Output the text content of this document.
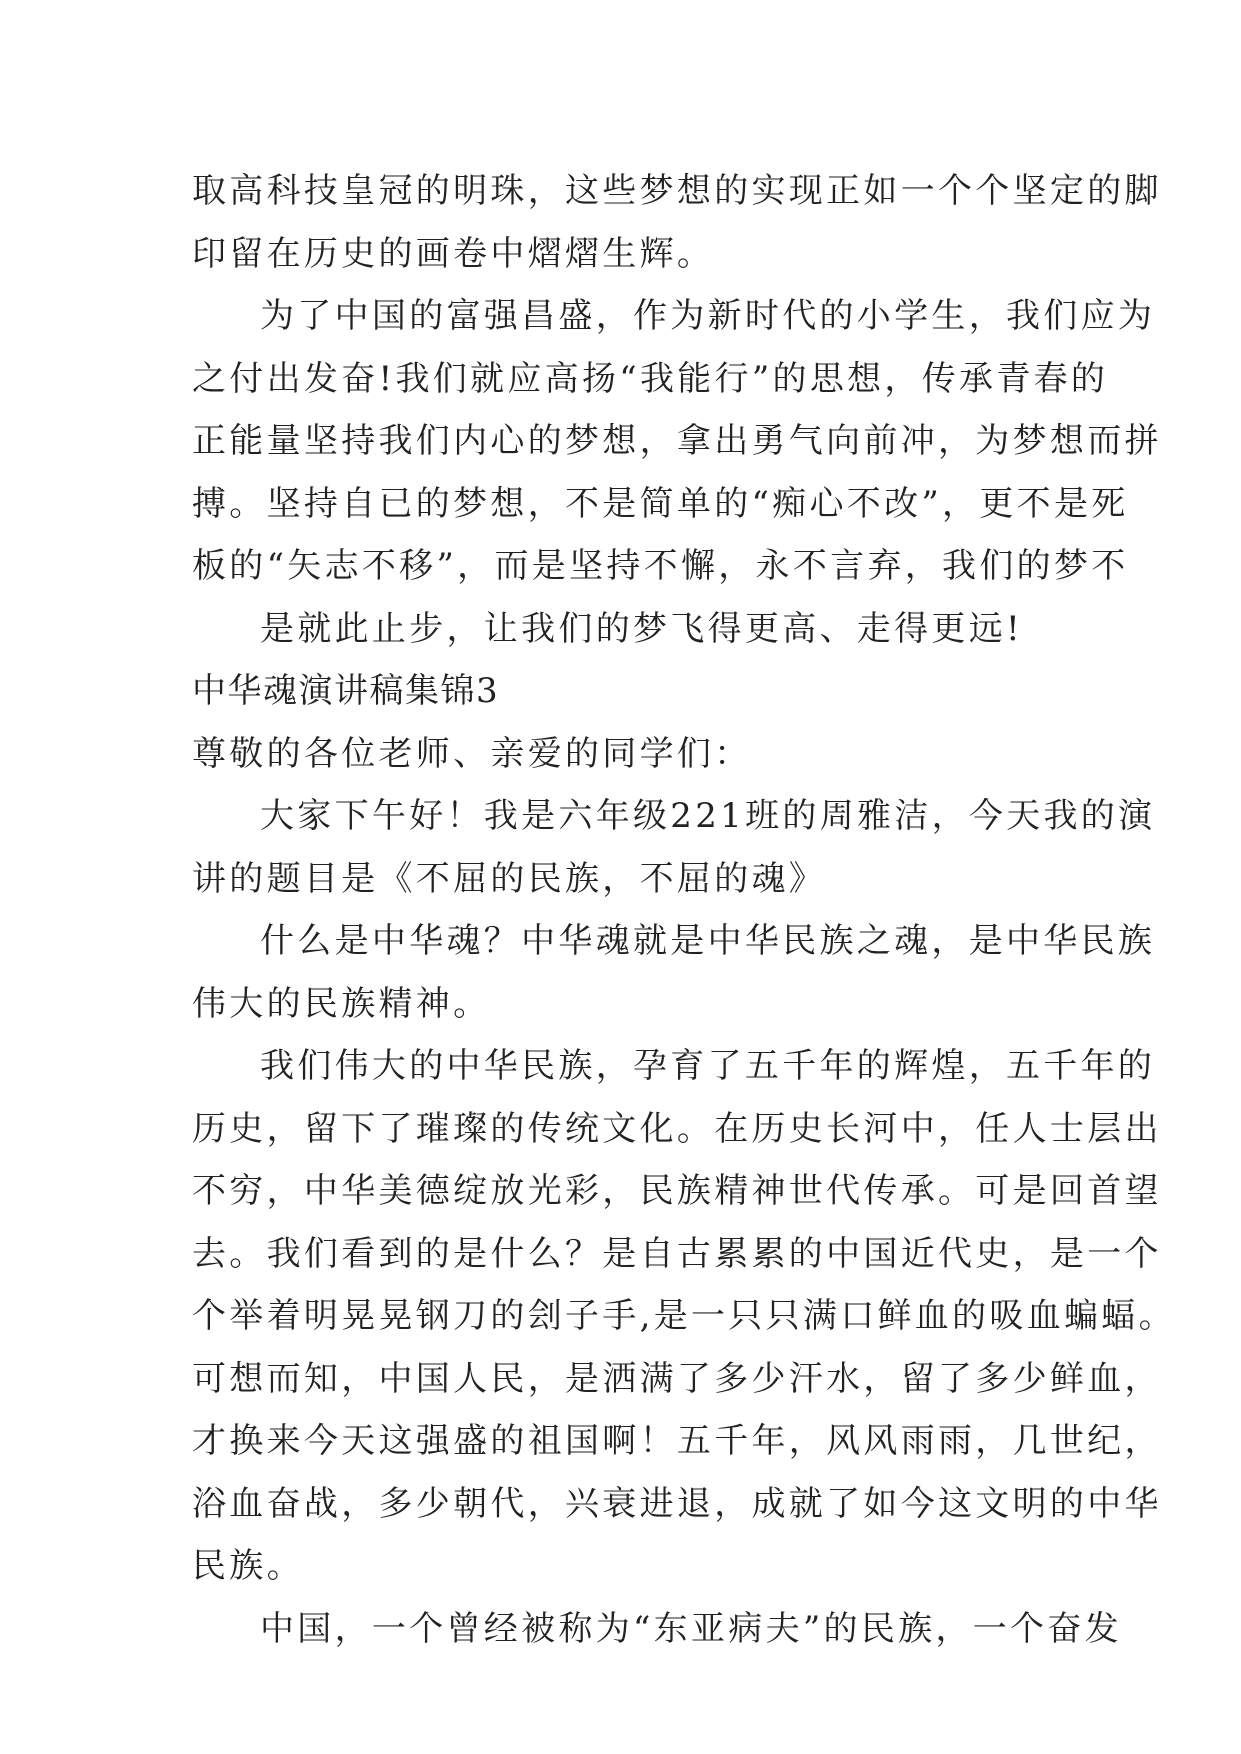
取高科技皇冠的明珠，这些梦想的实现正如一个个坚定的脚
印留在历史的画卷中熠熠生辉。
为了中国的富强昌盛，作为新时代的小学生，我们应为
之付出发奋!我们就应高扬“我能行”的思想，传承青春的
正能量坚持我们内心的梦想，拿出勇气向前冲，为梦想而拼
搏。坚持自已的梦想，不是简单的“痴心不改”，更不是死
板的“矢志不移”，而是坚持不懈，永不言弃，我们的梦不
是就此止步，让我们的梦飞得更高、走得更远!
中华魂演讲稿集锦3
尊敬的各位老师、亲爱的同学们：
大家下午好！我是六年级221班的周雅洁，今天我的演
讲的题目是《不屈的民族，不屈的魂》
什么是中华魂？中华魂就是中华民族之魂，是中华民族
伟大的民族精神。
我们伟大的中华民族，孕育了五千年的辉煌，五千年的
历史，留下了璀璨的传统文化。在历史长河中，任人士层出
不穷，中华美德绽放光彩，民族精神世代传承。可是回首望
去。我们看到的是什么？是自古累累的中国近代史，是一个
个举着明晃晃钢刀的刽子手,是一只只满口鲜血的吸血蝙蝠。
可想而知，中国人民，是洒满了多少汗水，留了多少鲜血，
才换来今天这强盛的祖国啊！五千年，风风雨雨，几世纪，
浴血奋战，多少朝代，兴衰进退，成就了如今这文明的中华
民族。
中国，一个曾经被称为“东亚病夫”的民族，一个奋发
